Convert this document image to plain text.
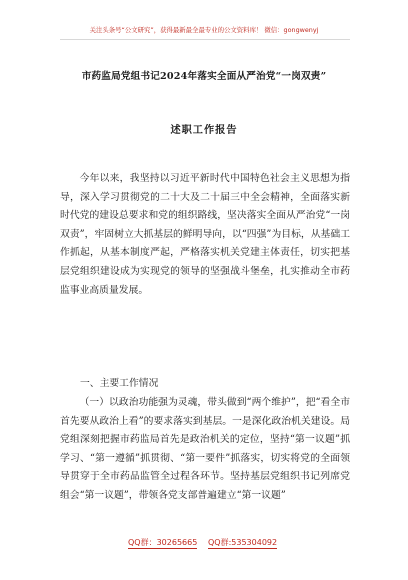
关注头条号“公文研究”，获得最新最全最专业的公文资料库！ 微信：gongwenyj
市药监局党组书记2024年落实全面从严治党“一岗双责”
述职工作报告

今年以来，我坚持以习近平新时代中国特色社会主义思想为指导，深入学习贯彻党的二十大及二十届三中全会精神，全面落实新时代党的建设总要求和党的组织路线，坚决落实全面从严治党“一岗双责”，牢固树立大抓基层的鲜明导向，以“四强”为目标，从基础工作抓起，从基本制度严起，严格落实机关党建主体责任，切实把基层党组织建设成为实现党的领导的坚强战斗堡垒，扎实推动全市药监事业高质量发展。

一、主要工作情况

（一）以政治功能强为灵魂，带头做到“两个维护”，把“看全市首先要从政治上看”的要求落实到基层。一是深化政治机关建设。局党组深刻把握市药监局首先是政治机关的定位，坚持“第一议题”抓学习、“第一遵循”抓贯彻、“第一要件”抓落实，切实将党的全面领导贯穿于全市药品监管全过程各环节。坚持基层党组织书记列席党组会“第一议题”，带领各党支部普遍建立“第一议题”

QQ群：30265665 QQ群:535304092
